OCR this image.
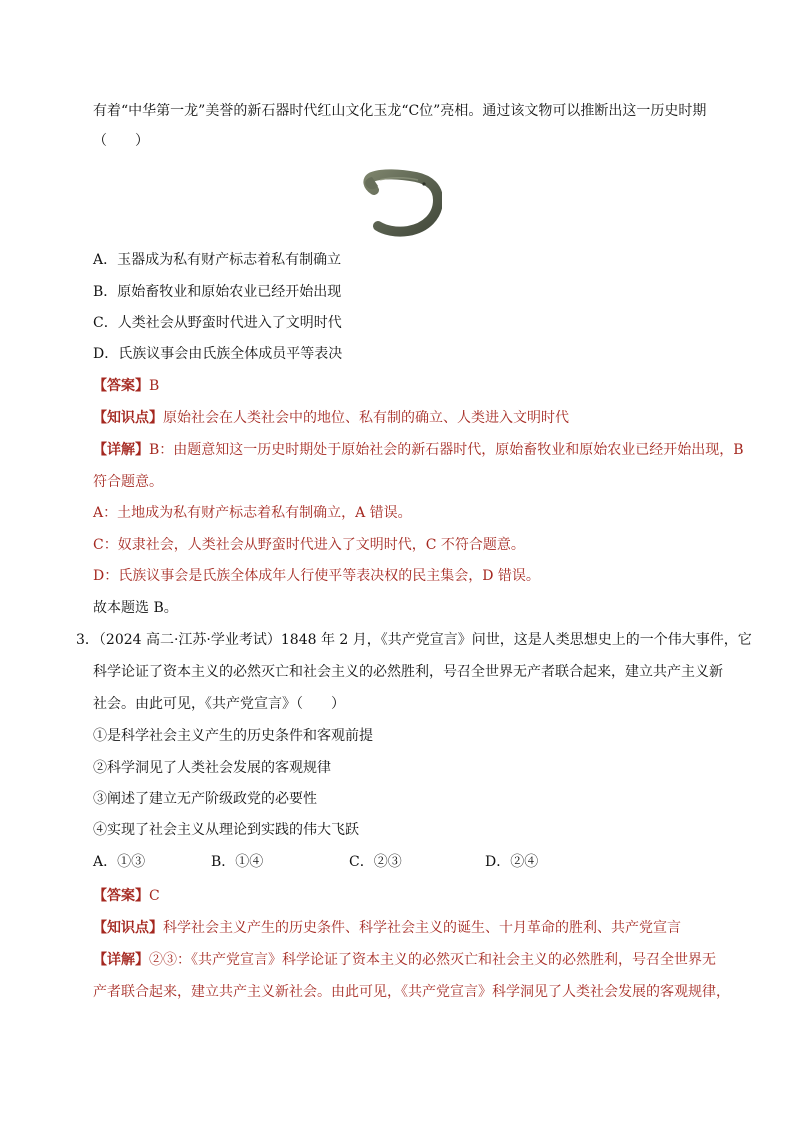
有着“中华第一龙”美誉的新石器时代红山文化玉龙“C位”亮相。通过该文物可以推断出这一历史时期
（　　）
A．玉器成为私有财产标志着私有制确立
B．原始畜牧业和原始农业已经开始出现
C．人类社会从野蛮时代进入了文明时代
D．氏族议事会由氏族全体成员平等表决
【答案】B
【知识点】原始社会在人类社会中的地位、私有制的确立、人类进入文明时代
【详解】B：由题意知这一历史时期处于原始社会的新石器时代，原始畜牧业和原始农业已经开始出现，B
符合题意。
A：土地成为私有财产标志着私有制确立，A 错误。
C：奴隶社会，人类社会从野蛮时代进入了文明时代，C 不符合题意。
D：氏族议事会是氏族全体成年人行使平等表决权的民主集会，D 错误。
故本题选 B。
3．（2024 高二·江苏·学业考试）1848 年 2 月，《共产党宣言》问世，这是人类思想史上的一个伟大事件，它
科学论证了资本主义的必然灭亡和社会主义的必然胜利，号召全世界无产者联合起来，建立共产主义新
社会。由此可见，《共产党宣言》（　　）
①是科学社会主义产生的历史条件和客观前提
②科学洞见了人类社会发展的客观规律
③阐述了建立无产阶级政党的必要性
④实现了社会主义从理论到实践的伟大飞跃
A．①③	B．①④	C．②③	D．②④
【答案】C
【知识点】科学社会主义产生的历史条件、科学社会主义的诞生、十月革命的胜利、共产党宣言
【详解】②③：《共产党宣言》科学论证了资本主义的必然灭亡和社会主义的必然胜利，号召全世界无
产者联合起来，建立共产主义新社会。由此可见，《共产党宣言》科学洞见了人类社会发展的客观规律，
